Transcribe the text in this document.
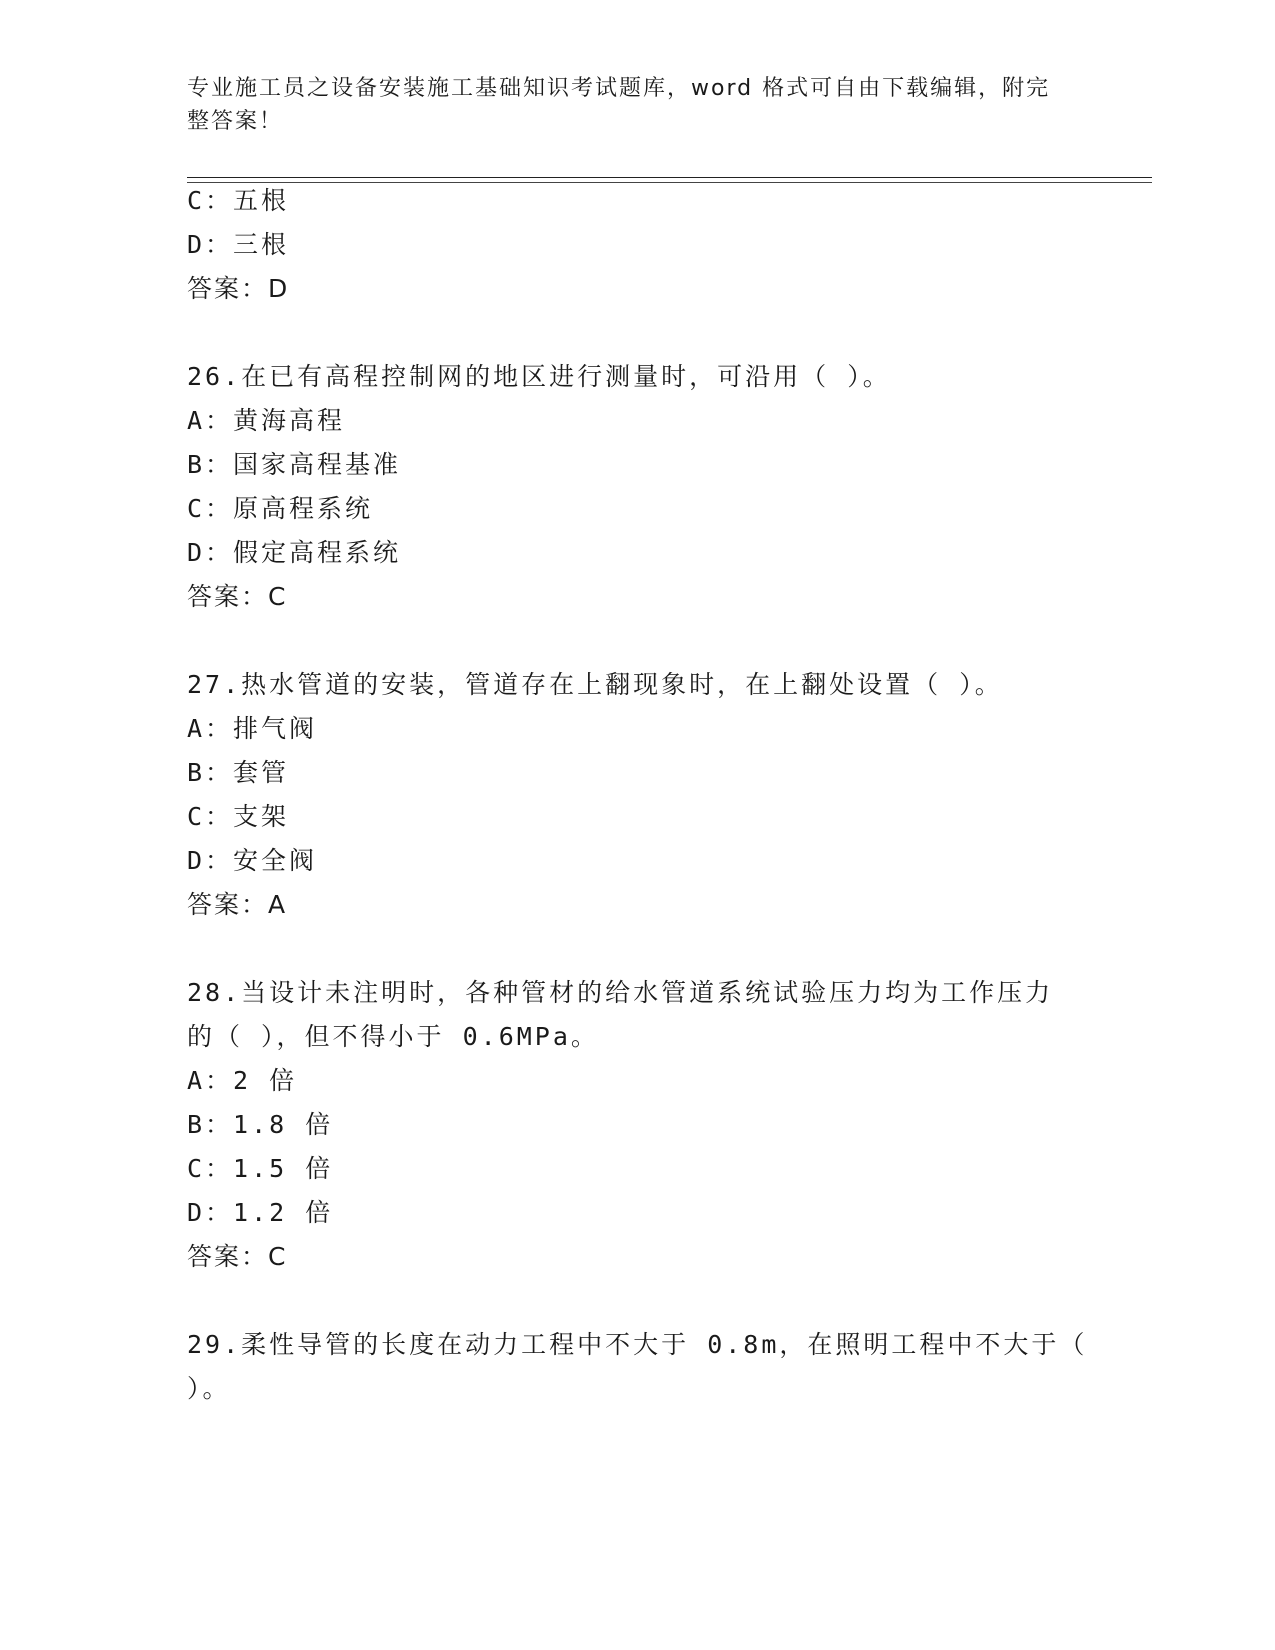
专业施工员之设备安装施工基础知识考试题库，word 格式可自由下载编辑，附完
整答案！
C：五根
D：三根
答案：D
26.在已有高程控制网的地区进行测量时，可沿用（ ）。
A：黄海高程
B：国家高程基准
C：原高程系统
D：假定高程系统
答案：C
27.热水管道的安装，管道存在上翻现象时，在上翻处设置（ ）。
A：排气阀
B：套管
C：支架
D：安全阀
答案：A
28.当设计未注明时，各种管材的给水管道系统试验压力均为工作压力
的（ ），但不得小于 0.6MPa。
A：2 倍
B：1.8 倍
C：1.5 倍
D：1.2 倍
答案：C
29.柔性导管的长度在动力工程中不大于 0.8m，在照明工程中不大于（
）。
